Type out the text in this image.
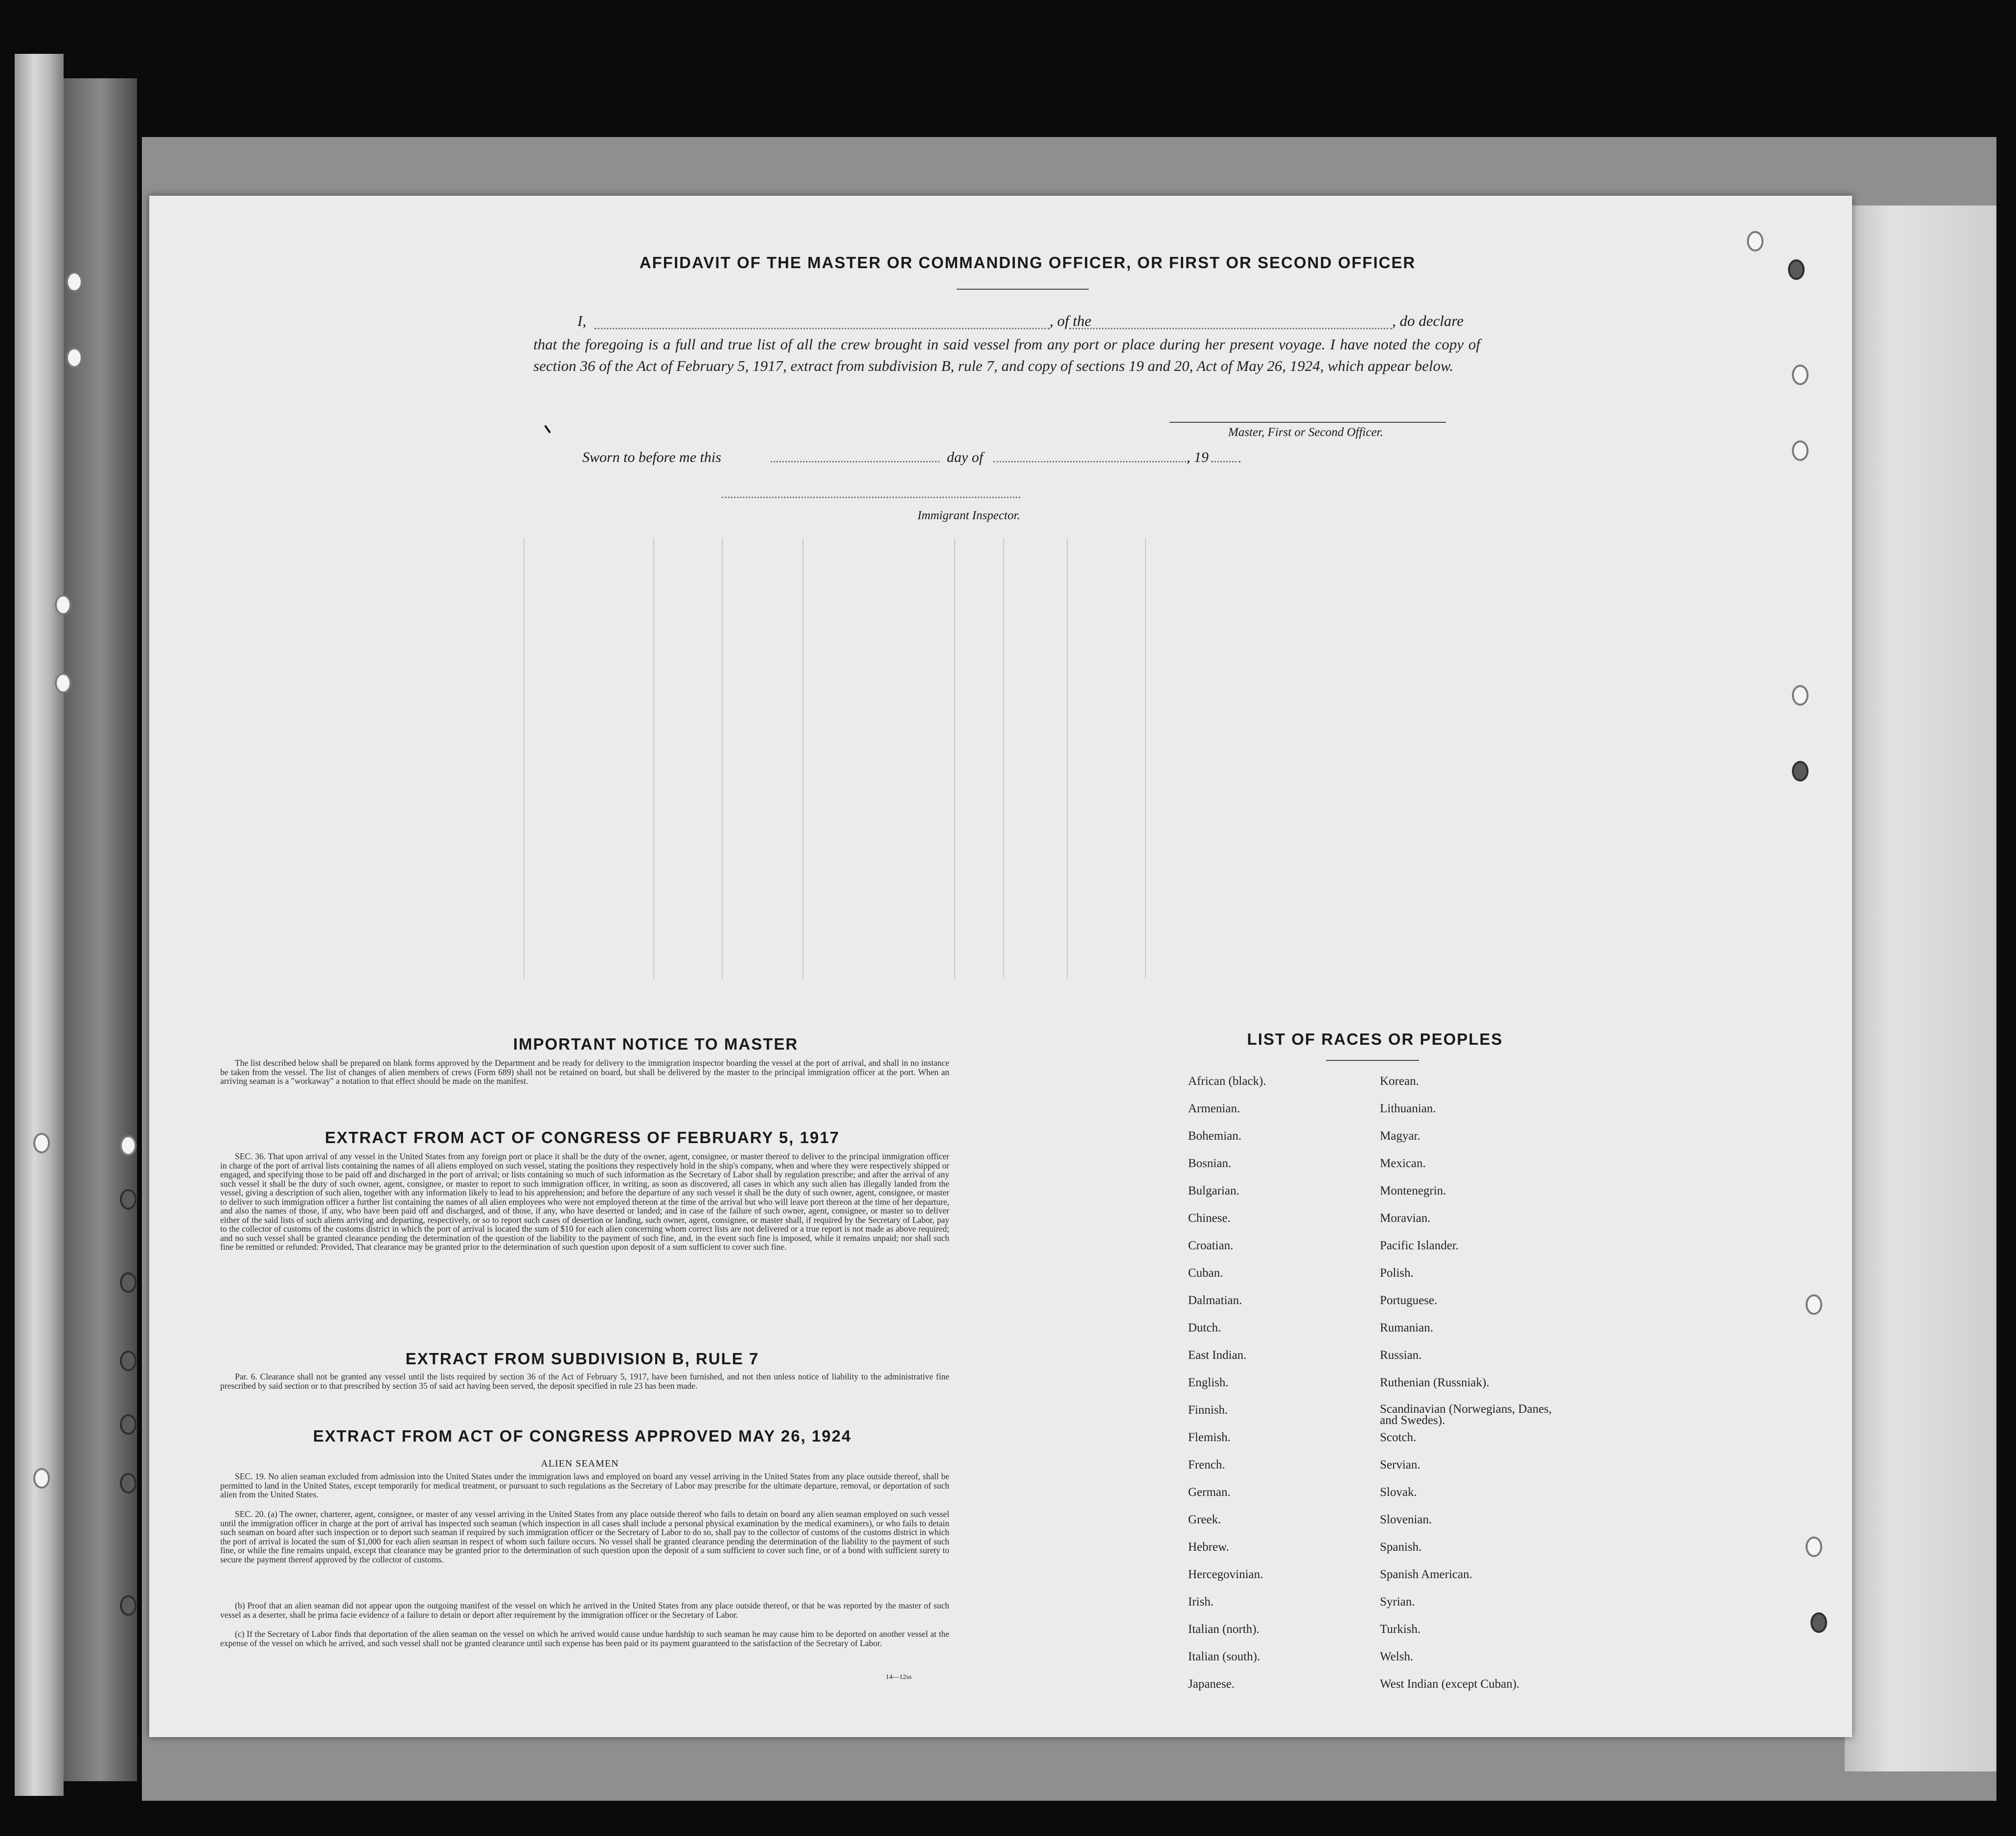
AFFIDAVIT OF THE MASTER OR COMMANDING OFFICER, OR FIRST OR SECOND OFFICER
I,	, of the	, do declare
that the foregoing is a full and true list of all the crew brought in said vessel from any port or place during her present voyage. I have noted the copy of section 36 of the Act of February 5, 1917, extract from subdivision B, rule 7, and copy of sections 19 and 20, Act of May 26, 1924, which appear below.
Master, First or Second Officer.
Sworn to before me this	day of	, 19
Immigrant Inspector.
IMPORTANT NOTICE TO MASTER
The list described below shall be prepared on blank forms approved by the Department and be ready for delivery to the immigration inspector boarding the vessel at the port of arrival, and shall in no instance be taken from the vessel. The list of changes of alien members of crews (Form 689) shall not be retained on board, but shall be delivered by the master to the principal immigration officer at the port. When an arriving seaman is a "workaway" a notation to that effect should be made on the manifest.
EXTRACT FROM ACT OF CONGRESS OF FEBRUARY 5, 1917
SEC. 36. That upon arrival of any vessel in the United States from any foreign port or place it shall be the duty of the owner, agent, consignee, or master thereof to deliver to the principal immigration officer in charge of the port of arrival lists containing the names of all aliens employed on such vessel, stating the positions they respectively hold in the ship's company, when and where they were respectively shipped or engaged, and specifying those to be paid off and discharged in the port of arrival; or lists containing so much of such information as the Secretary of Labor shall by regulation prescribe; and after the arrival of any such vessel it shall be the duty of such owner, agent, consignee, or master to report to such immigration officer, in writing, as soon as discovered, all cases in which any such alien has illegally landed from the vessel, giving a description of such alien, together with any information likely to lead to his apprehension; and before the departure of any such vessel it shall be the duty of such owner, agent, consignee, or master to deliver to such immigration officer a further list containing the names of all alien employees who were not employed thereon at the time of the arrival but who will leave port thereon at the time of her departure, and also the names of those, if any, who have been paid off and discharged, and of those, if any, who have deserted or landed; and in case of the failure of such owner, agent, consignee, or master so to deliver either of the said lists of such aliens arriving and departing, respectively, or so to report such cases of desertion or landing, such owner, agent, consignee, or master shall, if required by the Secretary of Labor, pay to the collector of customs of the customs district in which the port of arrival is located the sum of $10 for each alien concerning whom correct lists are not delivered or a true report is not made as above required; and no such vessel shall be granted clearance pending the determination of the question of the liability to the payment of such fine, and, in the event such fine is imposed, while it remains unpaid; nor shall such fine be remitted or refunded: Provided, That clearance may be granted prior to the determination of such question upon deposit of a sum sufficient to cover such fine.
EXTRACT FROM SUBDIVISION B, RULE 7
Par. 6. Clearance shall not be granted any vessel until the lists required by section 36 of the Act of February 5, 1917, have been furnished, and not then unless notice of liability to the administrative fine prescribed by said section or to that prescribed by section 35 of said act having been served, the deposit specified in rule 23 has been made.
EXTRACT FROM ACT OF CONGRESS APPROVED MAY 26, 1924
ALIEN SEAMEN
SEC. 19. No alien seaman excluded from admission into the United States under the immigration laws and employed on board any vessel arriving in the United States from any place outside thereof, shall be permitted to land in the United States, except temporarily for medical treatment, or pursuant to such regulations as the Secretary of Labor may prescribe for the ultimate departure, removal, or deportation of such alien from the United States.
SEC. 20. (a) The owner, charterer, agent, consignee, or master of any vessel arriving in the United States from any place outside thereof who fails to detain on board any alien seaman employed on such vessel until the immigration officer in charge at the port of arrival has inspected such seaman (which inspection in all cases shall include a personal physical examination by the medical examiners), or who fails to detain such seaman on board after such inspection or to deport such seaman if required by such immigration officer or the Secretary of Labor to do so, shall pay to the collector of customs of the customs district in which the port of arrival is located the sum of $1,000 for each alien seaman in respect of whom such failure occurs. No vessel shall be granted clearance pending the determination of the liability to the payment of such fine, or while the fine remains unpaid, except that clearance may be granted prior to the determination of such question upon the deposit of a sum sufficient to cover such fine, or of a bond with sufficient surety to secure the payment thereof approved by the collector of customs.
(b) Proof that an alien seaman did not appear upon the outgoing manifest of the vessel on which he arrived in the United States from any place outside thereof, or that he was reported by the master of such vessel as a deserter, shall be prima facie evidence of a failure to detain or deport after requirement by the immigration officer or the Secretary of Labor.
(c) If the Secretary of Labor finds that deportation of the alien seaman on the vessel on which he arrived would cause undue hardship to such seaman he may cause him to be deported on another vessel at the expense of the vessel on which he arrived, and such vessel shall not be granted clearance until such expense has been paid or its payment guaranteed to the satisfaction of the Secretary of Labor.
14—12ss
LIST OF RACES OR PEOPLES
African (black).
Armenian.
Bohemian.
Bosnian.
Bulgarian.
Chinese.
Croatian.
Cuban.
Dalmatian.
Dutch.
East Indian.
English.
Finnish.
Flemish.
French.
German.
Greek.
Hebrew.
Hercegovinian.
Irish.
Italian (north).
Italian (south).
Japanese.
Korean.
Lithuanian.
Magyar.
Mexican.
Montenegrin.
Moravian.
Pacific Islander.
Polish.
Portuguese.
Rumanian.
Russian.
Ruthenian (Russniak).
Scandinavian (Norwegians, Danes, and Swedes).
Scotch.
Servian.
Slovak.
Slovenian.
Spanish.
Spanish American.
Syrian.
Turkish.
Welsh.
West Indian (except Cuban).
